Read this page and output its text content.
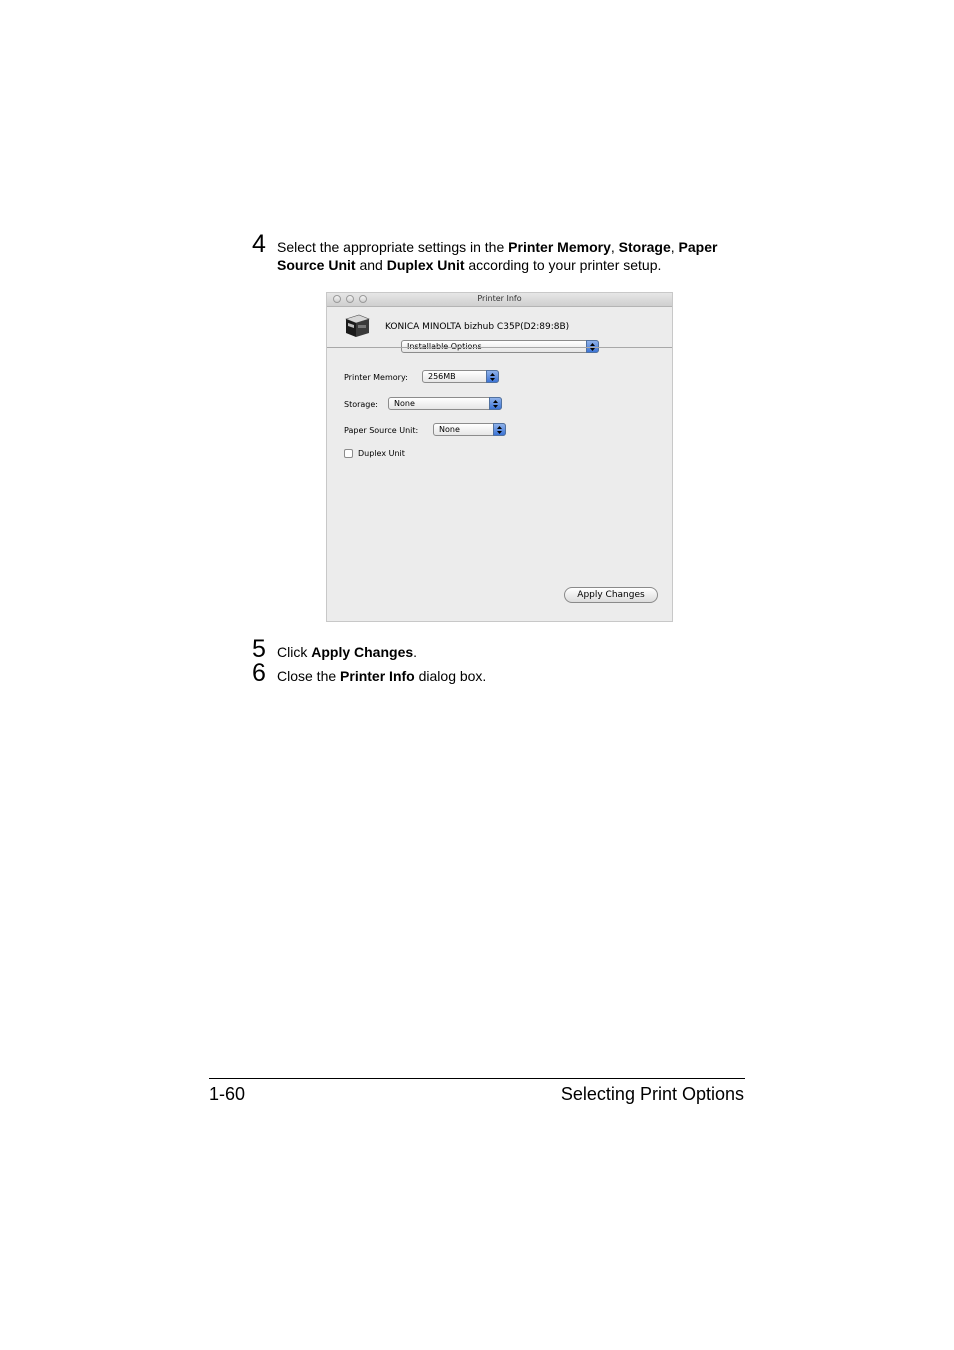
4 Select the appropriate settings in the Printer Memory, Storage, Paper Source Unit and Duplex Unit according to your printer setup.
Printer Info
KONICA MINOLTA bizhub C35P(D2:89:8B)
Printer Memory:	256MB
Storage:	None
Paper Source Unit:	None
Duplex Unit
Apply Changes
5 Click Apply Changes.
6 Close the Printer Info dialog box.
1-60	Selecting Print Options
